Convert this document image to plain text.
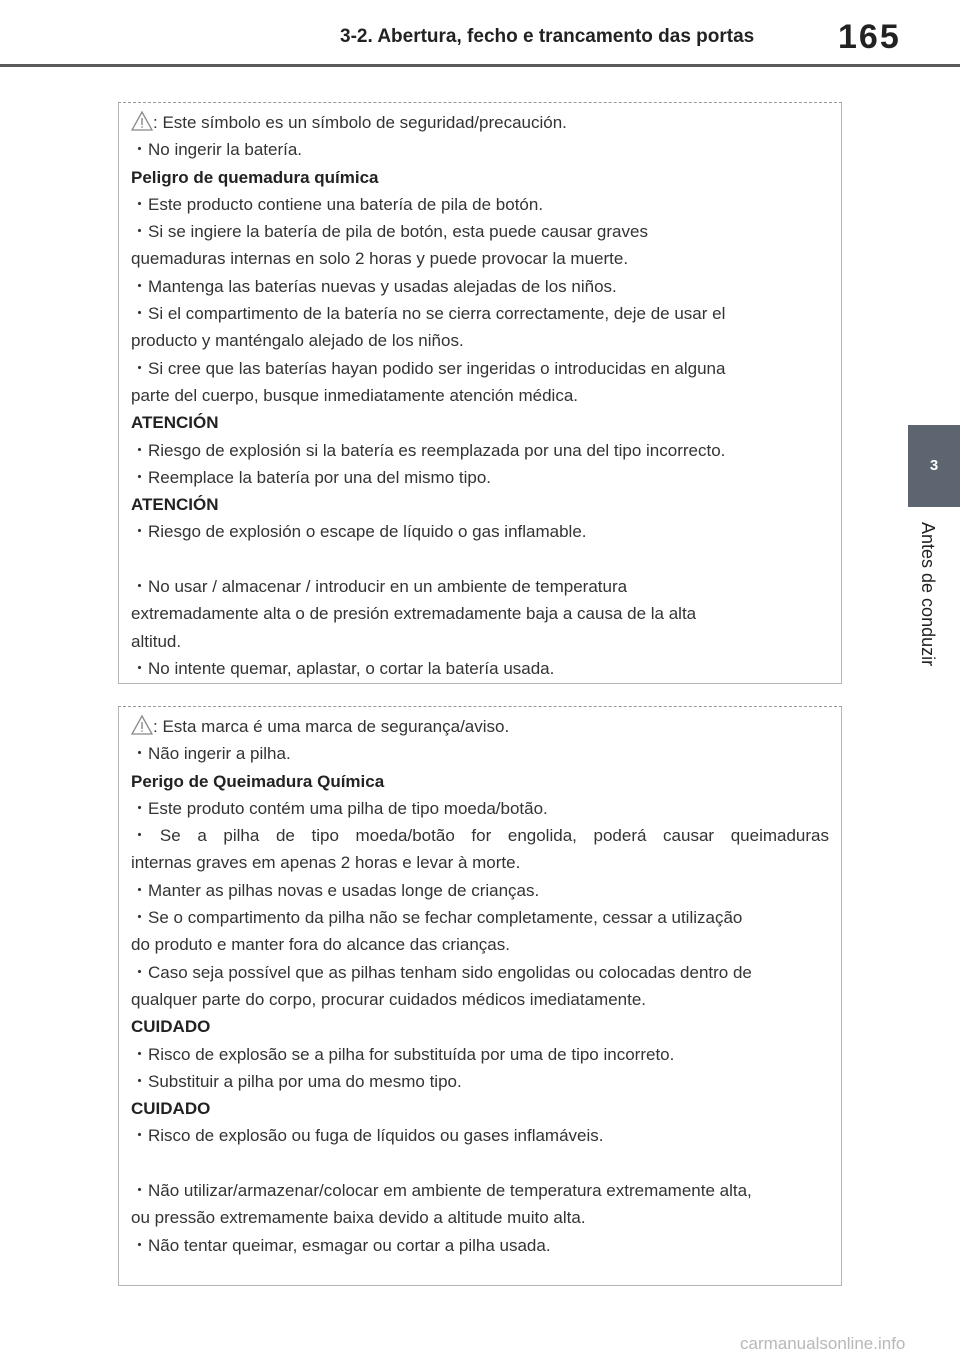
3-2. Abertura, fecho e trancamento das portas 165
3
Antes de conduzir
: Este símbolo es un símbolo de seguridad/precaución.
・No ingerir la batería.
Peligro de quemadura química
・Este producto contiene una batería de pila de botón.
・Si se ingiere la batería de pila de botón, esta puede causar graves
quemaduras internas en solo 2 horas y puede provocar la muerte.
・Mantenga las baterías nuevas y usadas alejadas de los niños.
・Si el compartimento de la batería no se cierra correctamente, deje de usar el
producto y manténgalo alejado de los niños.
・Si cree que las baterías hayan podido ser ingeridas o introducidas en alguna
parte del cuerpo, busque inmediatamente atención médica.
ATENCIÓN
・Riesgo de explosión si la batería es reemplazada por una del tipo incorrecto.
・Reemplace la batería por una del mismo tipo.
ATENCIÓN
・Riesgo de explosión o escape de líquido o gas inflamable.
・No usar / almacenar / introducir en un ambiente de temperatura
extremadamente alta o de presión extremadamente baja a causa de la alta
altitud.
・No intente quemar, aplastar, o cortar la batería usada.
: Esta marca é uma marca de segurança/aviso.
・Não ingerir a pilha.
Perigo de Queimadura Química
・Este produto contém uma pilha de tipo moeda/botão.
・Se a pilha de tipo moeda/botão for engolida, poderá causar queimaduras
internas graves em apenas 2 horas e levar à morte.
・Manter as pilhas novas e usadas longe de crianças.
・Se o compartimento da pilha não se fechar completamente, cessar a utilização
do produto e manter fora do alcance das crianças.
・Caso seja possível que as pilhas tenham sido engolidas ou colocadas dentro de
qualquer parte do corpo, procurar cuidados médicos imediatamente.
CUIDADO
・Risco de explosão se a pilha for substituída por uma de tipo incorreto.
・Substituir a pilha por uma do mesmo tipo.
CUIDADO
・Risco de explosão ou fuga de líquidos ou gases inflamáveis.
・Não utilizar/armazenar/colocar em ambiente de temperatura extremamente alta,
ou pressão extremamente baixa devido a altitude muito alta.
・Não tentar queimar, esmagar ou cortar a pilha usada.
carmanualsonline.info
